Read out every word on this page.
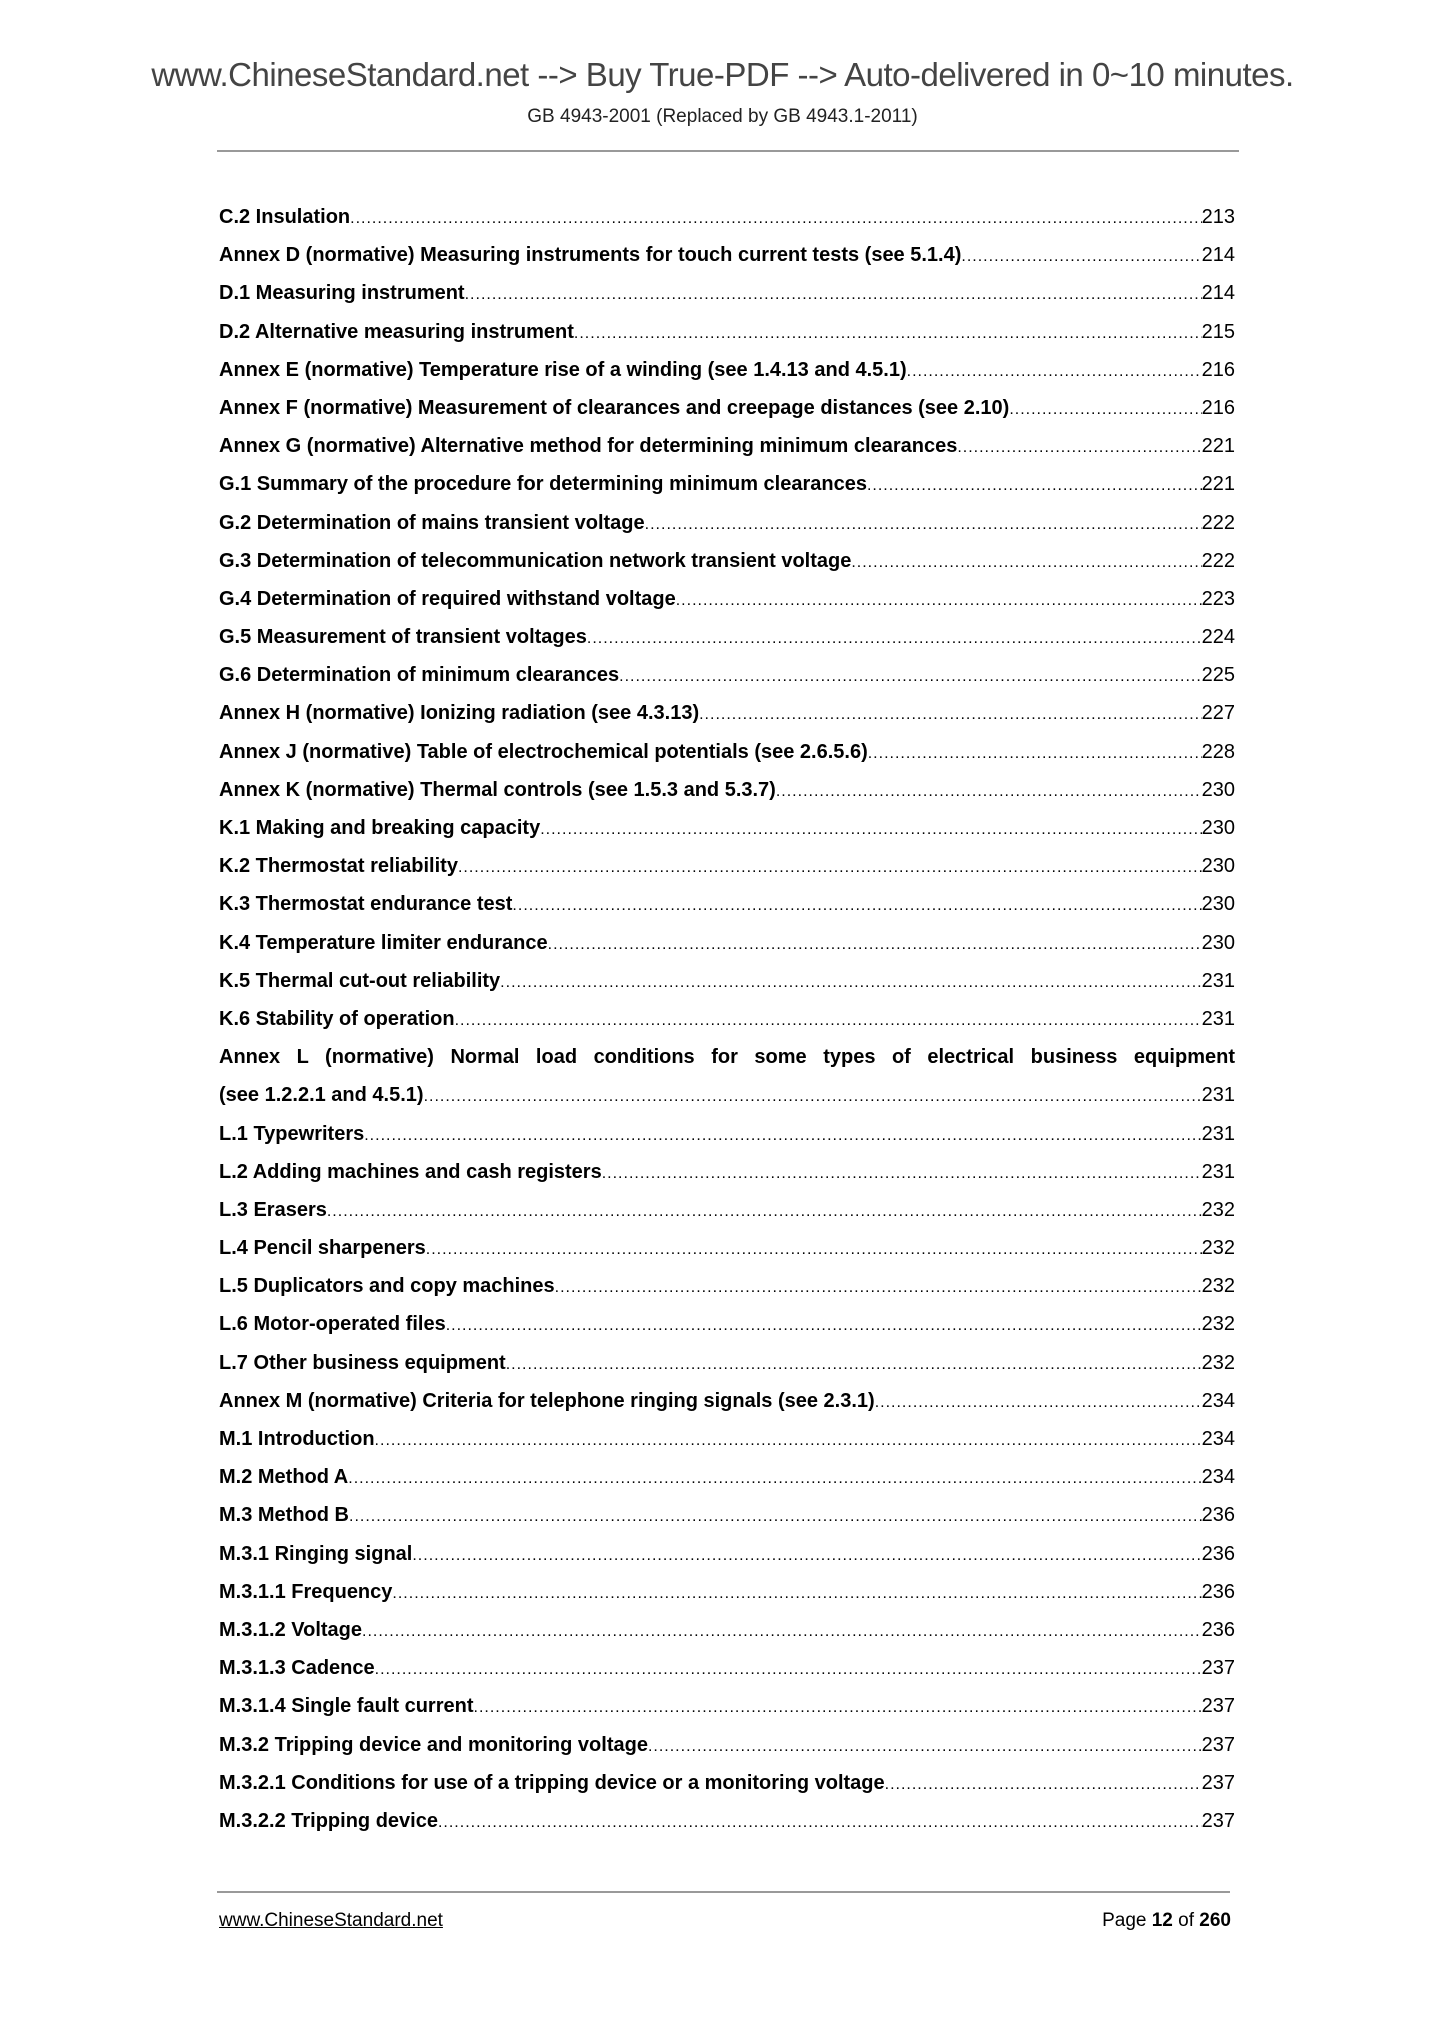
www.ChineseStandard.net --> Buy True-PDF --> Auto-delivered in 0~10 minutes.
GB 4943-2001 (Replaced by GB 4943.1-2011)
C.2 Insulation .....	213
Annex D (normative) Measuring instruments for touch current tests (see 5.1.4) .....	214
D.1 Measuring instrument .....	214
D.2 Alternative measuring instrument .....	215
Annex E (normative) Temperature rise of a winding (see 1.4.13 and 4.5.1) .....	216
Annex F (normative) Measurement of clearances and creepage distances (see 2.10) .....	216
Annex G (normative) Alternative method for determining minimum clearances .....	221
G.1 Summary of the procedure for determining minimum clearances .....	221
G.2 Determination of mains transient voltage .....	222
G.3 Determination of telecommunication network transient voltage .....	222
G.4 Determination of required withstand voltage .....	223
G.5 Measurement of transient voltages .....	224
G.6 Determination of minimum clearances .....	225
Annex H (normative) Ionizing radiation (see 4.3.13) .....	227
Annex J (normative) Table of electrochemical potentials (see 2.6.5.6) .....	228
Annex K (normative) Thermal controls (see 1.5.3 and 5.3.7) .....	230
K.1 Making and breaking capacity .....	230
K.2 Thermostat reliability .....	230
K.3 Thermostat endurance test .....	230
K.4 Temperature limiter endurance .....	230
K.5 Thermal cut-out reliability .....	231
K.6 Stability of operation .....	231
Annex L (normative) Normal load conditions for some types of electrical business equipment
(see 1.2.2.1 and 4.5.1) .....	231
L.1 Typewriters .....	231
L.2 Adding machines and cash registers .....	231
L.3 Erasers .....	232
L.4 Pencil sharpeners .....	232
L.5 Duplicators and copy machines .....	232
L.6 Motor-operated files .....	232
L.7 Other business equipment .....	232
Annex M (normative) Criteria for telephone ringing signals (see 2.3.1) .....	234
M.1 Introduction .....	234
M.2 Method A .....	234
M.3 Method B .....	236
M.3.1 Ringing signal .....	236
M.3.1.1 Frequency .....	236
M.3.1.2 Voltage .....	236
M.3.1.3 Cadence .....	237
M.3.1.4 Single fault current .....	237
M.3.2 Tripping device and monitoring voltage .....	237
M.3.2.1 Conditions for use of a tripping device or a monitoring voltage .....	237
M.3.2.2 Tripping device .....	237
www.ChineseStandard.net	Page 12 of 260
